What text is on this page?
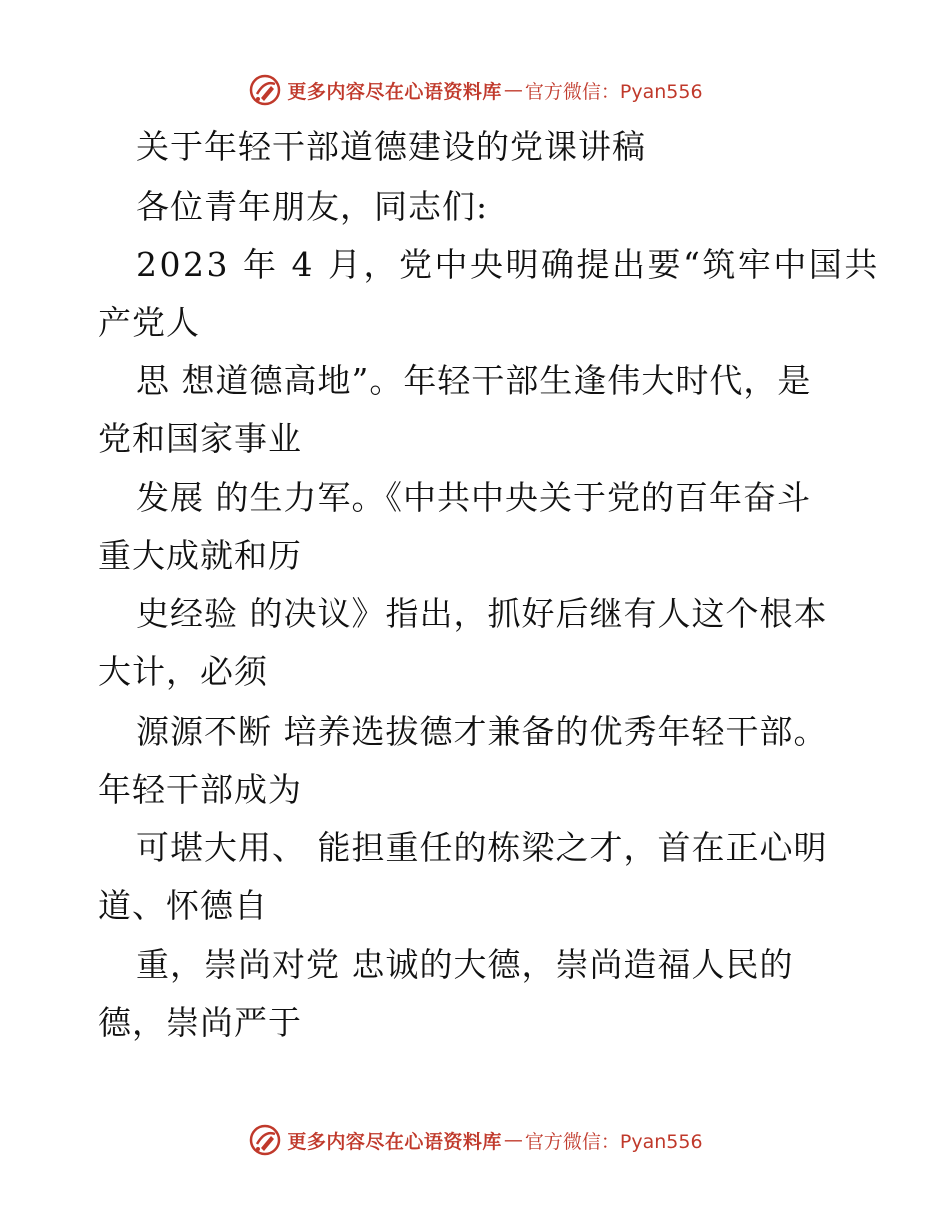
更多内容尽在心语资料库 — 官方微信：Pyan556
关于年轻干部道德建设的党课讲稿
各位青年朋友，同志们:
2023 年 4 月，党中央明确提出要“筑牢中国共
产党人
思 想道德高地”。年轻干部生逢伟大时代，是
党和国家事业
发展 的生力军。《中共中央关于党的百年奋斗
重大成就和历
史经验 的决议》指出，抓好后继有人这个根本
大计，必须
源源不断 培养选拔德才兼备的优秀年轻干部。
年轻干部成为
可堪大用、 能担重任的栋梁之才，首在正心明
道、怀德自
重，崇尚对党 忠诚的大德，崇尚造福人民的
德，崇尚严于
更多内容尽在心语资料库 — 官方微信：Pyan556
